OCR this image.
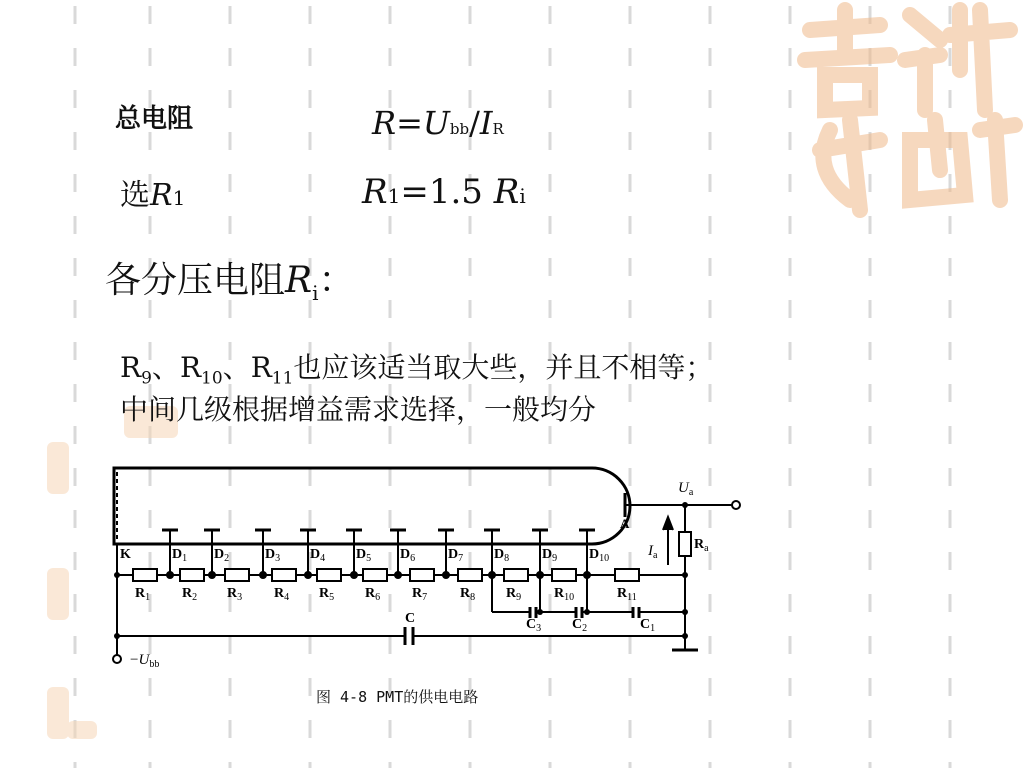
总电阻	R=Ubb/IR
选R1	R1=1.5 Ri
各分压电阻$R_i$：
$R_9$、$R_{10}$、$R_{11}$也应该适当取大些，并且不相等；
中间几级根据增益需求选择，一般均分
$D_1$ $D_2$	$D_3$ $D_4$ $D_5$ $D_6$ $D_7$ $D_8$ $D_9$ $D_{10}$
$R_1$ $R_2$ $R_3$ $R_4$ $R_5$ $R_6$ $R_7$ $R_8$ $R_9$ $R_{10}$	$R_{11}$
$C_3$ $C_2$	$C_1$
K
A
$U_a$
$I_a$
$R_a$
C
$-U_{bb}$
图 4-8 PMT的供电电路
